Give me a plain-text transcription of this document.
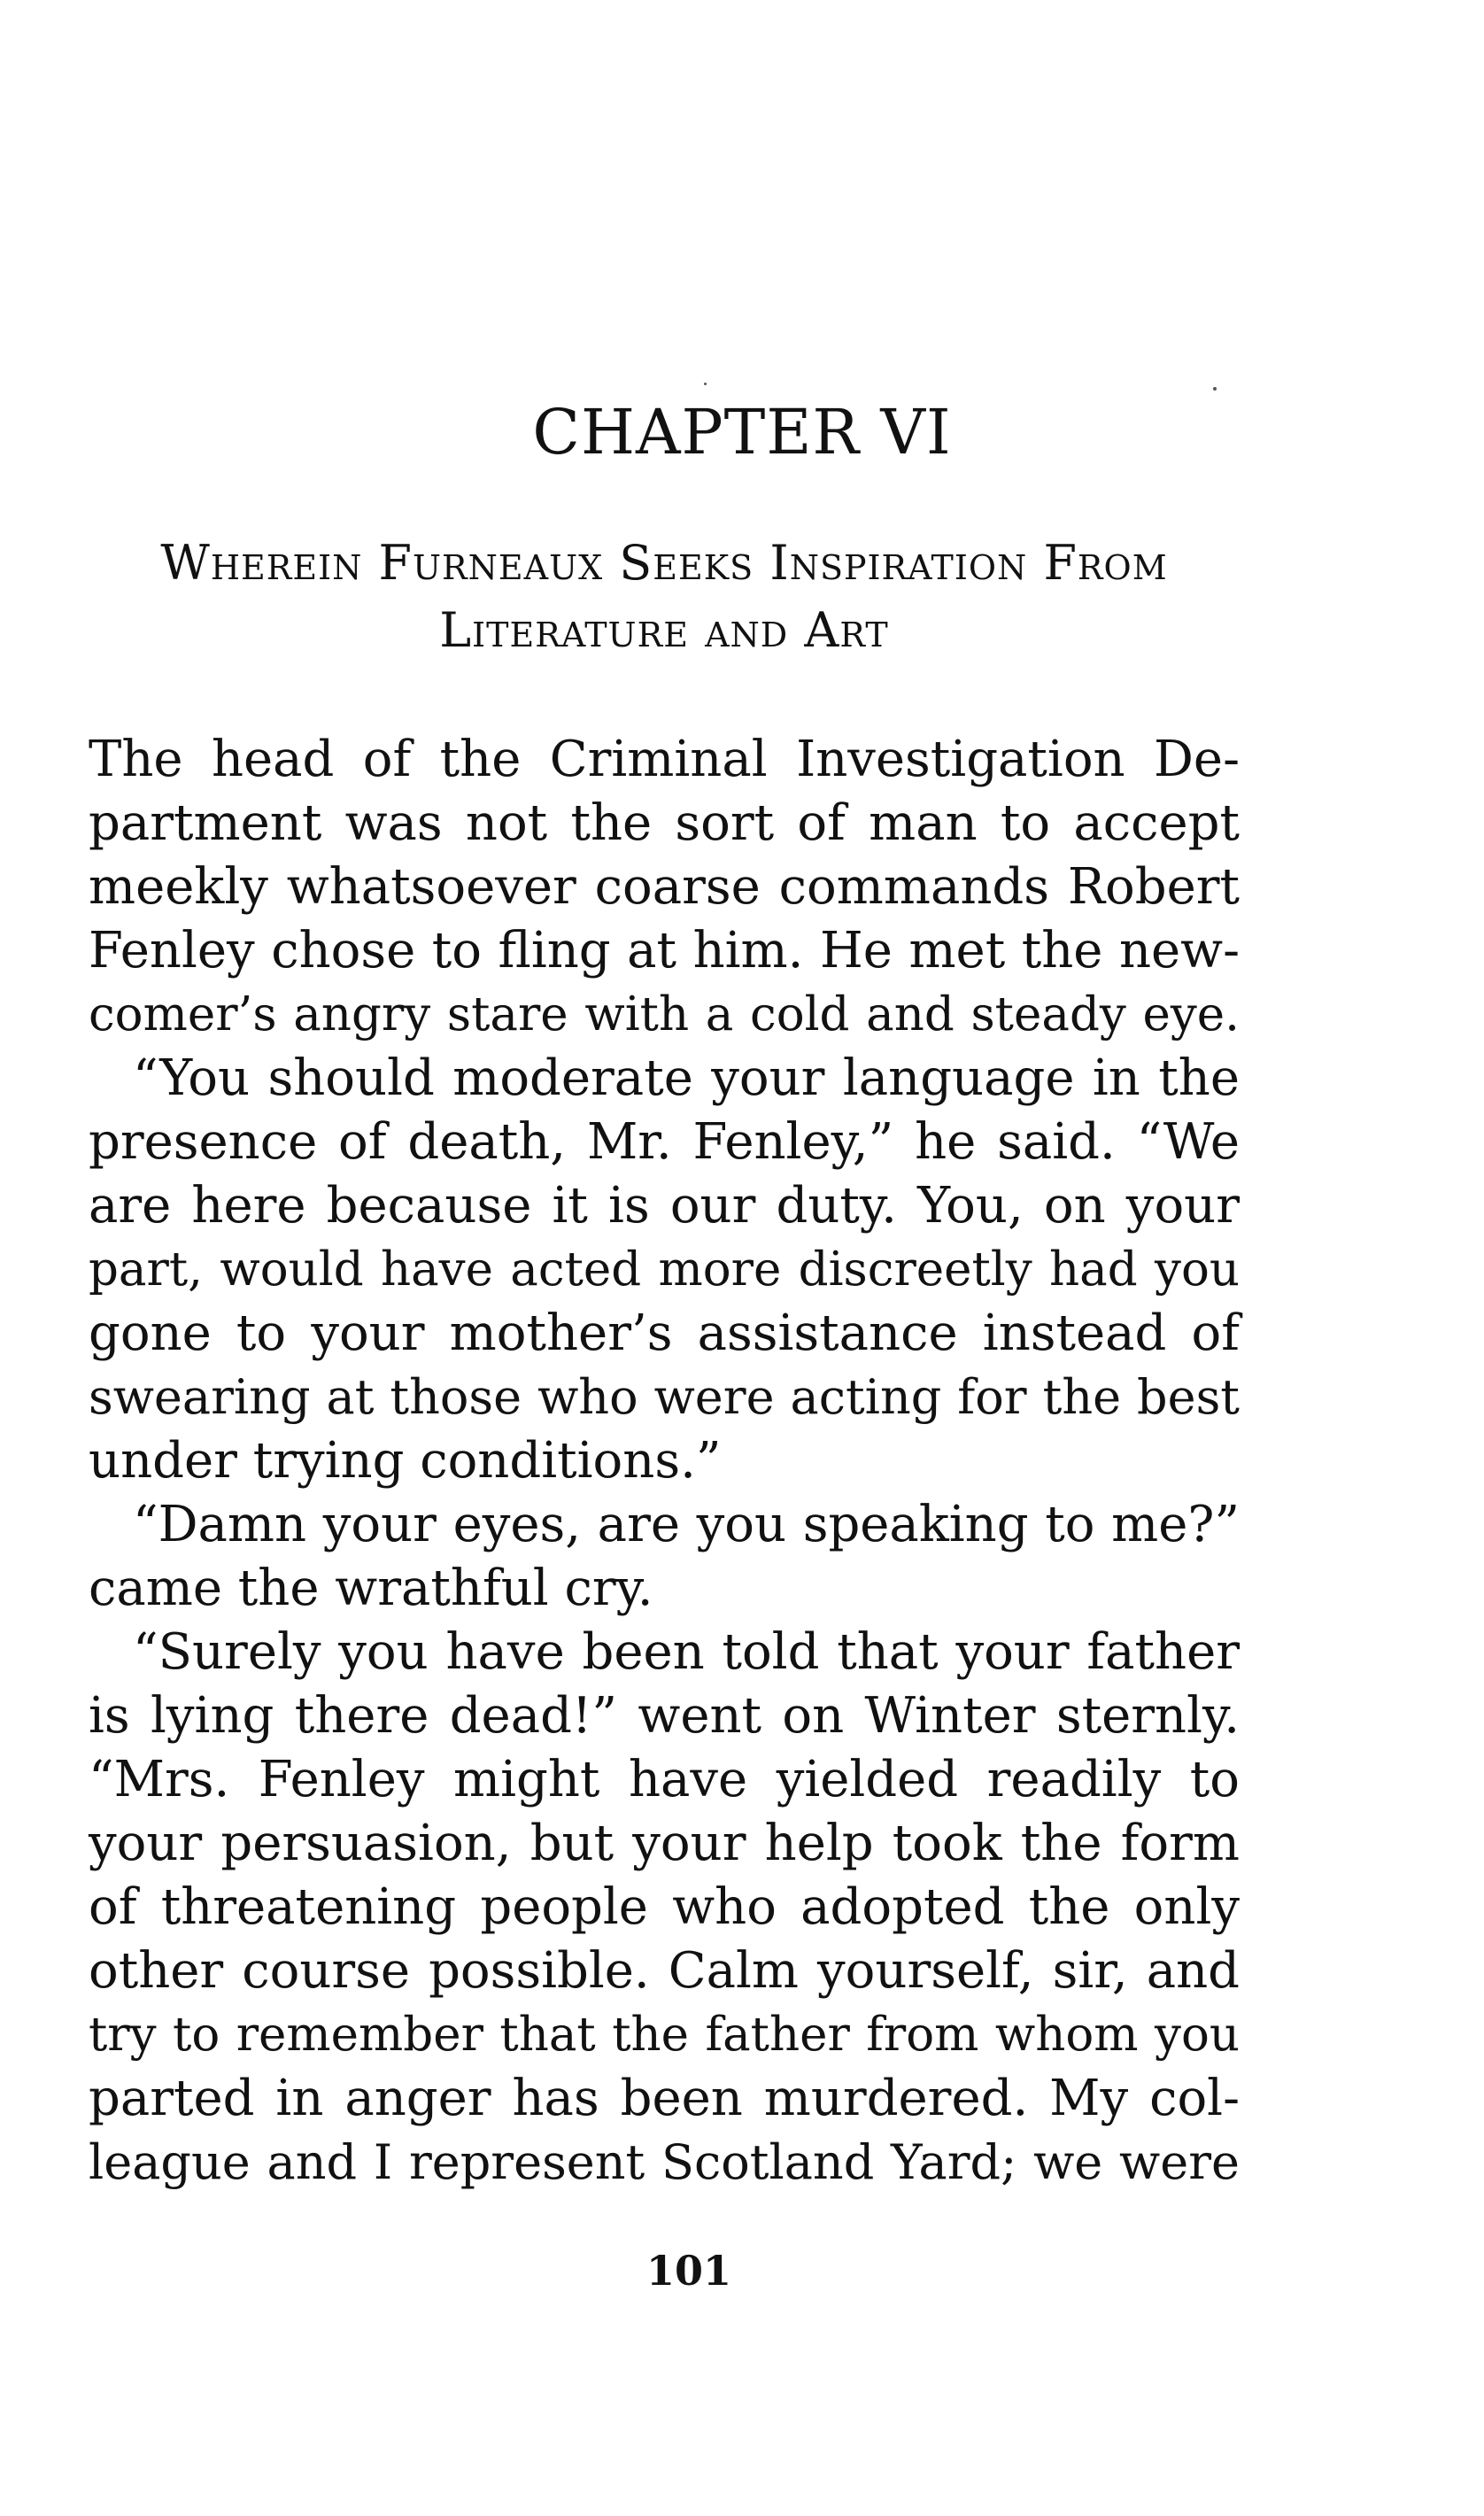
CHAPTER VI
Wherein Furneaux Seeks Inspiration From
Literature and Art
The head of the Criminal Investigation De-
partment was not the sort of man to accept
meekly whatsoever coarse commands Robert
Fenley chose to fling at him. He met the new-
comer’s angry stare with a cold and steady eye.
“You should moderate your language in the
presence of death, Mr. Fenley,” he said. “We
are here because it is our duty. You, on your
part, would have acted more discreetly had you
gone to your mother’s assistance instead of
swearing at those who were acting for the best
under trying conditions.”
“Damn your eyes, are you speaking to me?”
came the wrathful cry.
“Surely you have been told that your father
is lying there dead!” went on Winter sternly.
“Mrs. Fenley might have yielded readily to
your persuasion, but your help took the form
of threatening people who adopted the only
other course possible. Calm yourself, sir, and
try to remember that the father from whom you
parted in anger has been murdered. My col-
league and I represent Scotland Yard; we were
101
